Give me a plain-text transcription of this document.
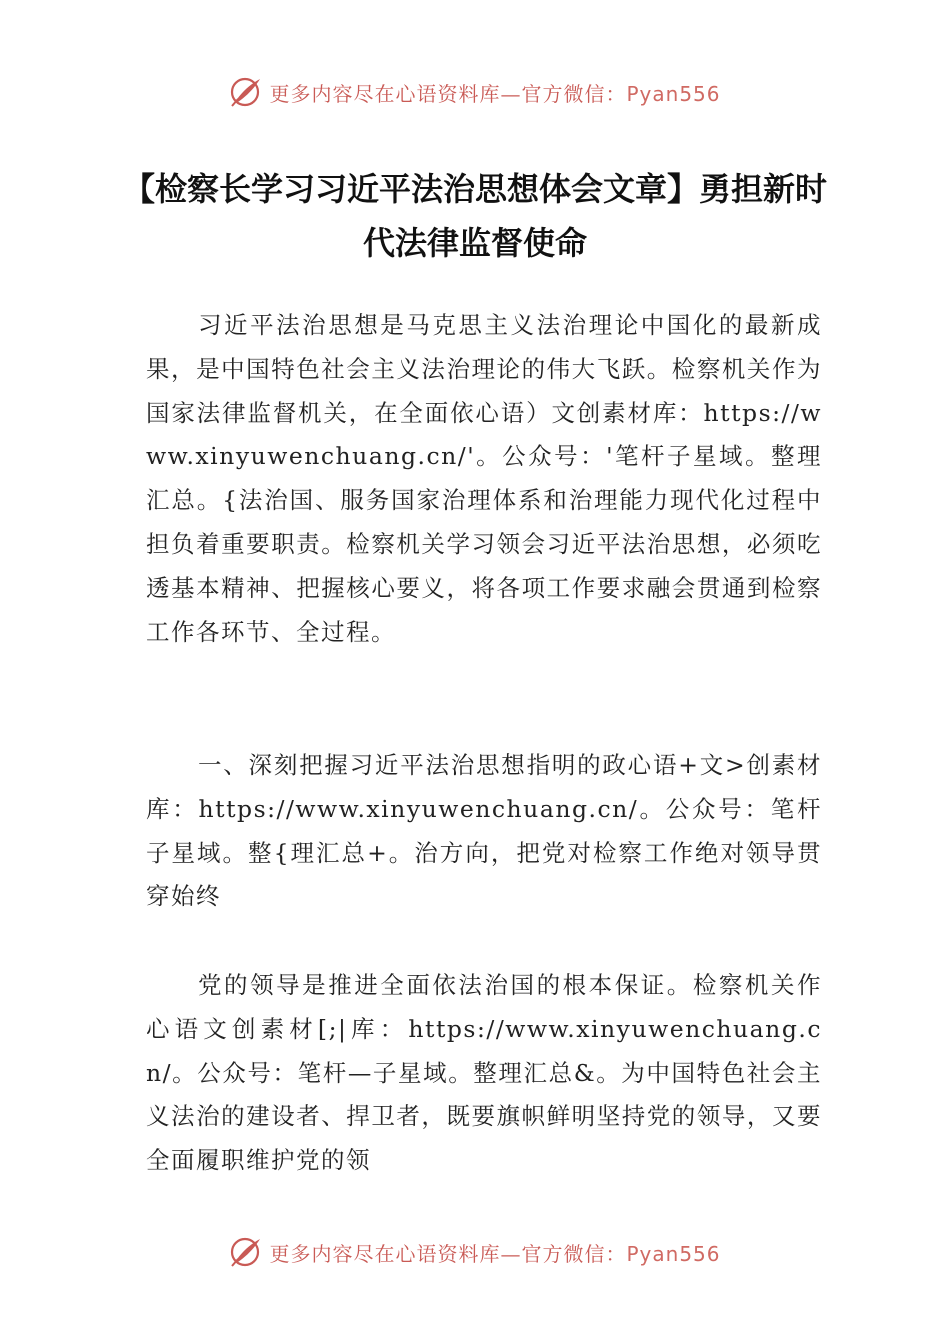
更多内容尽在心语资料库—官方微信：Pyan556
【检察长学习习近平法治思想体会文章】勇担新时代法律监督使命

习近平法治思想是马克思主义法治理论中国化的最新成果，是中国特色社会主义法治理论的伟大飞跃。检察机关作为国家法律监督机关，在全面依心语）文创素材库：https://www.xinyuwenchuang.cn/'。公众号：'笔杆子星域。整理汇总。{法治国、服务国家治理体系和治理能力现代化过程中担负着重要职责。检察机关学习领会习近平法治思想，必须吃透基本精神、把握核心要义，将各项工作要求融会贯通到检察工作各环节、全过程。

一、深刻把握习近平法治思想指明的政心语+文>创素材库：https://www.xinyuwenchuang.cn/。公众号：笔杆子星域。整{理汇总+。治方向，把党对检察工作绝对领导贯穿始终

党的领导是推进全面依法治国的根本保证。检察机关作心语文创素材[;|库：https://www.xinyuwenchuang.cn/。公众号：笔杆—子星域。整理汇总&。为中国特色社会主义法治的建设者、捍卫者，既要旗帜鲜明坚持党的领导，又要全面履职维护党的领

更多内容尽在心语资料库—官方微信：Pyan556
